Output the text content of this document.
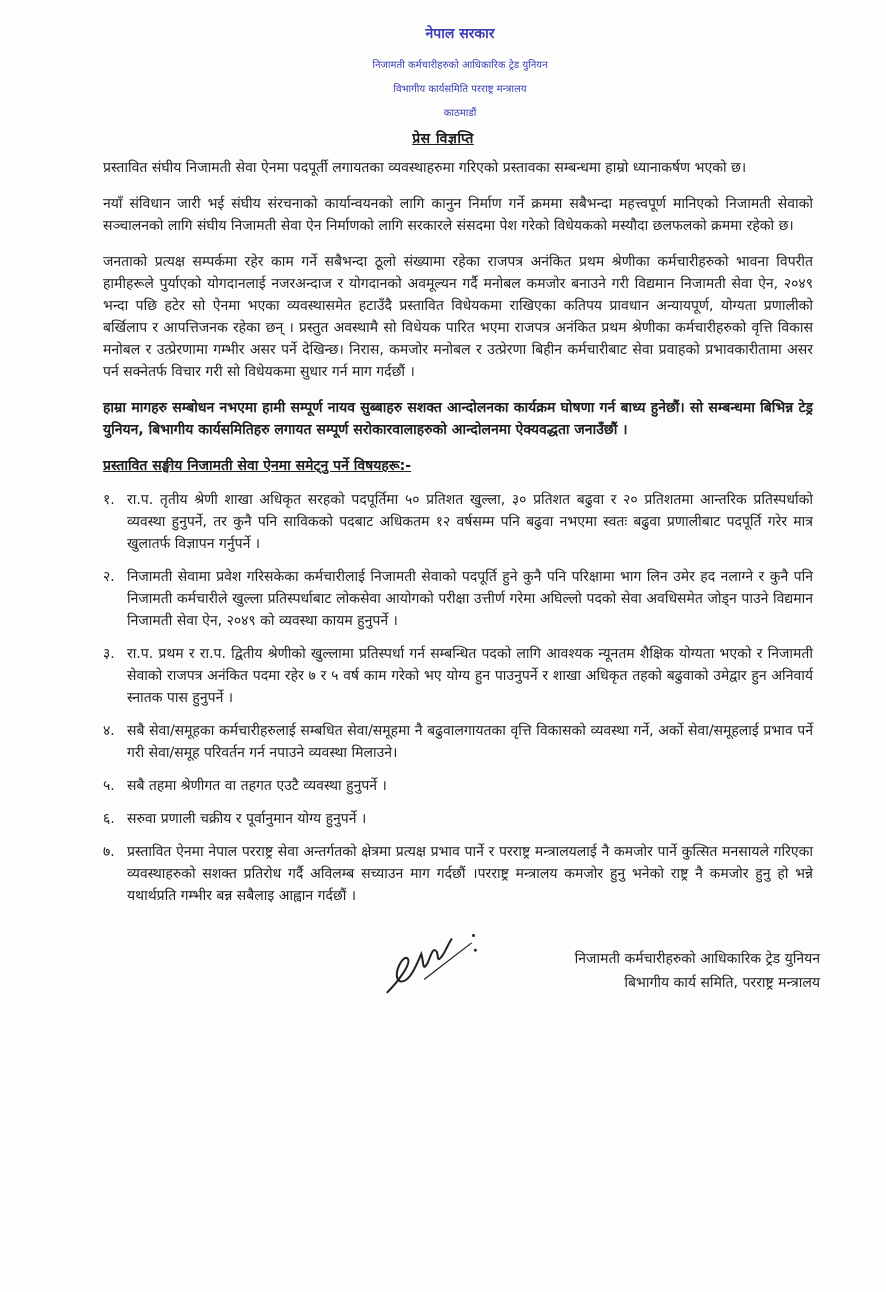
नेपाल सरकार
निजामती कर्मचारीहरुको आधिकारिक ट्रेड युनियन
विभागीय कार्यसमिति परराष्ट्र मन्त्रालय
काठमाडौं
प्रेस विज्ञप्ति

प्रस्तावित संघीय निजामती सेवा ऐनमा पदपूर्ती लगायतका व्यवस्थाहरुमा गरिएको प्रस्तावका सम्बन्धमा हाम्रो ध्यानाकर्षण भएको छ।

नयाँ संविधान जारी भई संघीय संरचनाको कार्यान्वयनको लागि कानुन निर्माण गर्ने क्रममा सबैभन्दा महत्त्वपूर्ण मानिएको निजामती सेवाको सञ्चालनको लागि संघीय निजामती सेवा ऐन निर्माणको लागि सरकारले संसदमा पेश गरेको विधेयकको मस्यौदा छलफलको क्रममा रहेको छ।

जनताको प्रत्यक्ष सम्पर्कमा रहेर काम गर्ने सबैभन्दा ठूलो संख्यामा रहेका राजपत्र अनंकित प्रथम श्रेणीका कर्मचारीहरुको भावना विपरीत हामीहरूले पुर्याएको योगदानलाई नजरअन्दाज र योगदानको अवमूल्यन गर्दै मनोबल कमजोर बनाउने गरी विद्यमान निजामती सेवा ऐन, २०४९ भन्दा पछि हटेर सो ऐनमा भएका व्यवस्थासमेत हटाउँदै प्रस्तावित विधेयकमा राखिएका कतिपय प्रावधान अन्यायपूर्ण, योग्यता प्रणालीको बर्खिलाप र आपत्तिजनक रहेका छन् । प्रस्तुत अवस्थामै सो विधेयक पारित भएमा राजपत्र अनंकित प्रथम श्रेणीका कर्मचारीहरुको वृत्ति विकास मनोबल र उत्प्रेरणामा गम्भीर असर पर्ने देखिन्छ। निरास, कमजोर मनोबल र उत्प्रेरणा बिहीन कर्मचारीबाट सेवा प्रवाहको प्रभावकारीतामा असर पर्न सक्नेतर्फ विचार गरी सो विधेयकमा सुधार गर्न माग गर्दछौं ।

हाम्रा मागहरु सम्बोधन नभएमा हामी सम्पूर्ण नायव सुब्बाहरु सशक्त आन्दोलनका कार्यक्रम घोषणा गर्न बाध्य हुनेछौं। सो सम्बन्धमा बिभिन्न टेड्र युनियन, बिभागीय कार्यसमितिहरु लगायत सम्पूर्ण सरोकारवालाहरुको आन्दोलनमा ऐक्यवद्धता जनाउँछौं ।

प्रस्तावित सङ्घीय निजामती सेवा ऐनमा समेट्नु पर्ने विषयहरू:-

१. रा.प. तृतीय श्रेणी शाखा अधिकृत सरहको पदपूर्तिमा ५० प्रतिशत खुल्ला, ३० प्रतिशत बढुवा र २० प्रतिशतमा आन्तरिक प्रतिस्पर्धाको व्यवस्था हुनुपर्ने, तर कुनै पनि साविकको पदबाट अधिकतम १२ वर्षसम्म पनि बढुवा नभएमा स्वतः बढुवा प्रणालीबाट पदपूर्ति गरेर मात्र खुलातर्फ विज्ञापन गर्नुपर्ने ।
२. निजामती सेवामा प्रवेश गरिसकेका कर्मचारीलाई निजामती सेवाको पदपूर्ति हुने कुनै पनि परिक्षामा भाग लिन उमेर हद नलाग्ने र कुनै पनि निजामती कर्मचारीले खुल्ला प्रतिस्पर्धाबाट लोकसेवा आयोगको परीक्षा उत्तीर्ण गरेमा अघिल्लो पदको सेवा अवधिसमेत जोड्न पाउने विद्यमान निजामती सेवा ऐन, २०४९ को व्यवस्था कायम हुनुपर्ने ।
३. रा.प. प्रथम र रा.प. द्वितीय श्रेणीको खुल्लामा प्रतिस्पर्धा गर्न सम्बन्धित पदको लागि आवश्यक न्यूनतम शैक्षिक योग्यता भएको र निजामती सेवाको राजपत्र अनंकित पदमा रहेर ७ र ५ वर्ष काम गरेको भए योग्य हुन पाउनुपर्ने र शाखा अधिकृत तहको बढुवाको उमेद्वार हुन अनिवार्य स्नातक पास हुनुपर्ने ।
४. सबै सेवा/समूहका कर्मचारीहरुलाई सम्बधित सेवा/समूहमा नै बढुवालगायतका वृत्ति विकासको व्यवस्था गर्ने, अर्को सेवा/समूहलाई प्रभाव पर्ने गरी सेवा/समूह परिवर्तन गर्न नपाउने व्यवस्था मिलाउने।
५. सबै तहमा श्रेणीगत वा तहगत एउटै व्यवस्था हुनुपर्ने ।
६. सरुवा प्रणाली चक्रीय र पूर्वानुमान योग्य हुनुपर्ने ।
७. प्रस्तावित ऐनमा नेपाल परराष्ट्र सेवा अन्तर्गतको क्षेत्रमा प्रत्यक्ष प्रभाव पार्ने र परराष्ट्र मन्त्रालयलाई नै कमजोर पार्ने कुत्सित मनसायले गरिएका व्यवस्थाहरुको सशक्त प्रतिरोध गर्दै अविलम्ब सच्याउन माग गर्दछौं ।परराष्ट्र मन्त्रालय कमजोर हुनु भनेको राष्ट्र नै कमजोर हुनु हो भन्ने यथार्थप्रति गम्भीर बन्न सबैलाइ आह्वान गर्दछौं ।
निजामती कर्मचारीहरुको आधिकारिक ट्रेड युनियन
बिभागीय कार्य समिति, परराष्ट्र मन्त्रालय
